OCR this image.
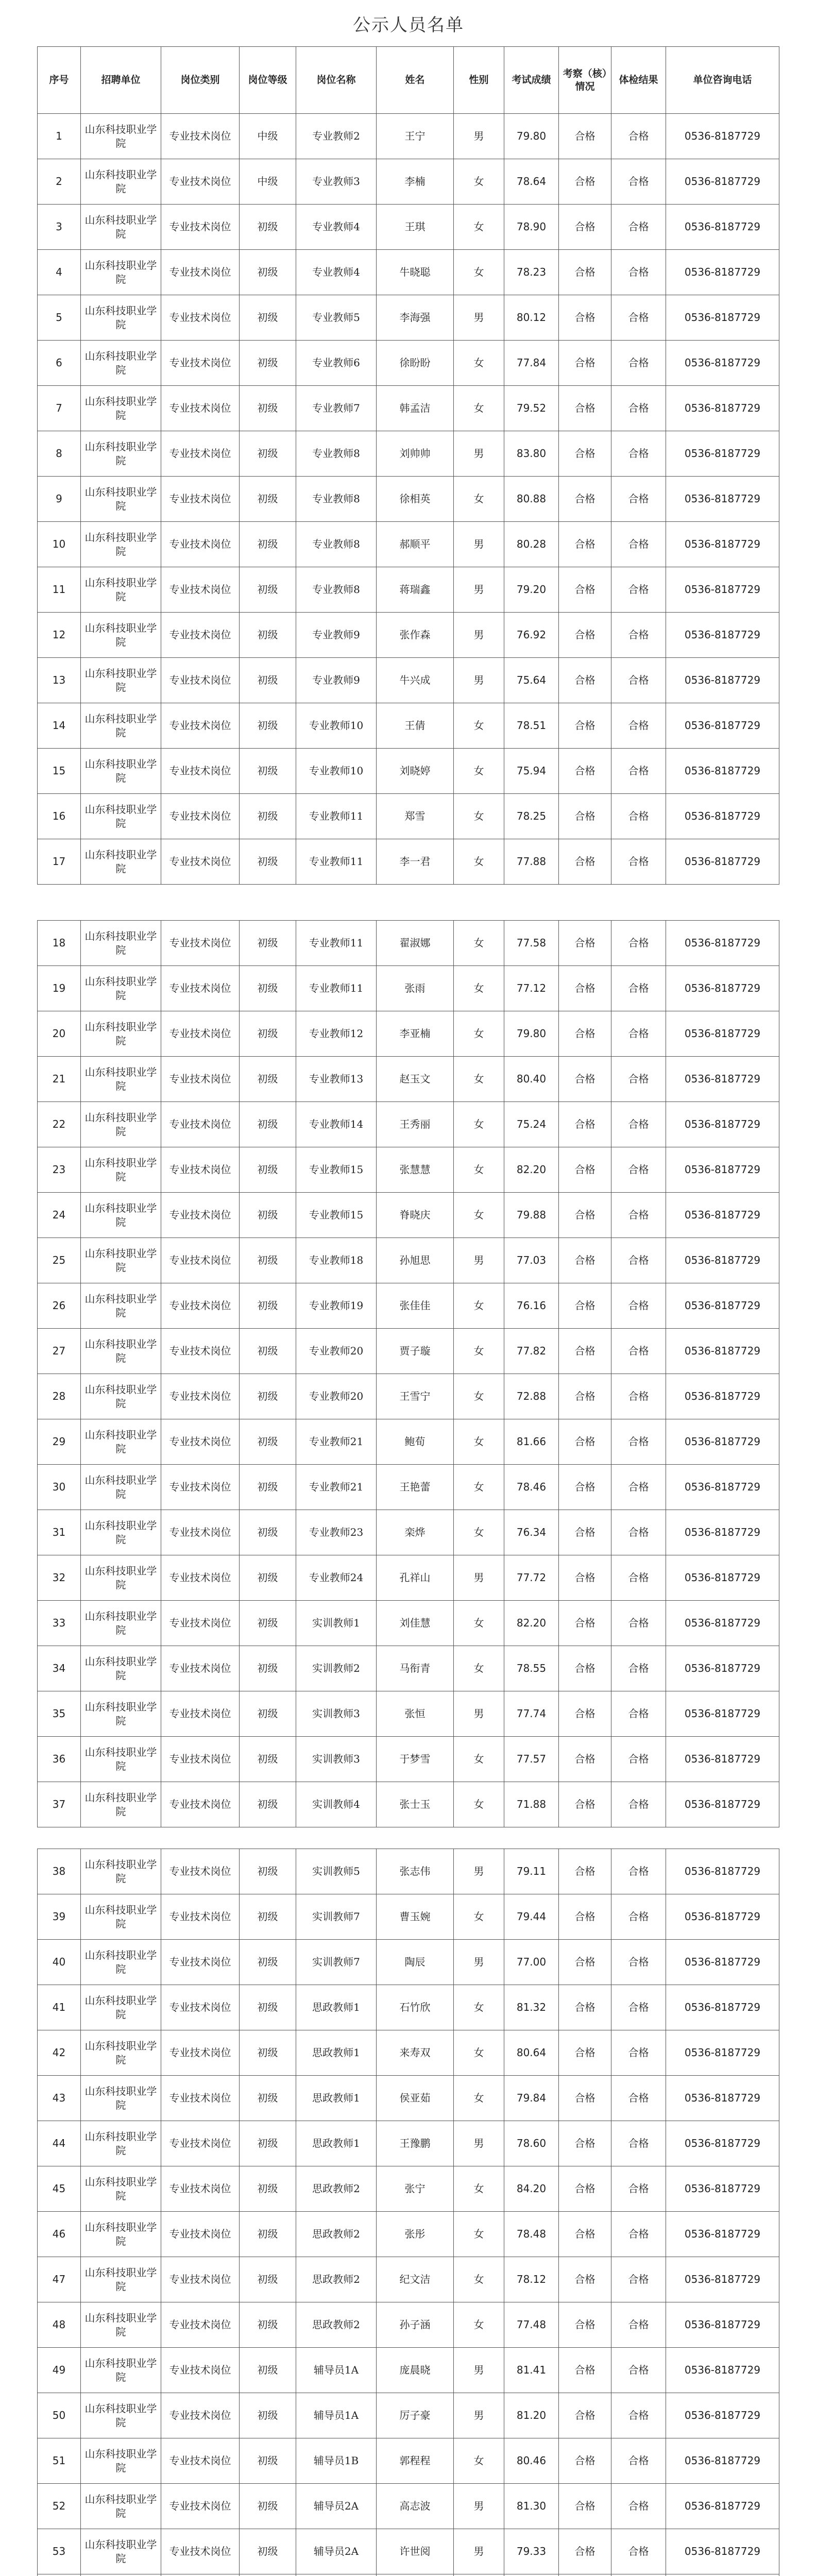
公示人员名单
序号	招聘单位	岗位类别	岗位等级	岗位名称	姓名	性别	考试成绩	考察（核）情况	体检结果	单位咨询电话
1	山东科技职业学院	专业技术岗位	中级	专业教师2	王宁	男	79.80	合格	合格	0536-8187729
2	山东科技职业学院	专业技术岗位	中级	专业教师3	李楠	女	78.64	合格	合格	0536-8187729
3	山东科技职业学院	专业技术岗位	初级	专业教师4	王琪	女	78.90	合格	合格	0536-8187729
4	山东科技职业学院	专业技术岗位	初级	专业教师4	牛晓聪	女	78.23	合格	合格	0536-8187729
5	山东科技职业学院	专业技术岗位	初级	专业教师5	李海强	男	80.12	合格	合格	0536-8187729
6	山东科技职业学院	专业技术岗位	初级	专业教师6	徐盼盼	女	77.84	合格	合格	0536-8187729
7	山东科技职业学院	专业技术岗位	初级	专业教师7	韩孟洁	女	79.52	合格	合格	0536-8187729
8	山东科技职业学院	专业技术岗位	初级	专业教师8	刘帅帅	男	83.80	合格	合格	0536-8187729
9	山东科技职业学院	专业技术岗位	初级	专业教师8	徐相英	女	80.88	合格	合格	0536-8187729
10	山东科技职业学院	专业技术岗位	初级	专业教师8	郝顺平	男	80.28	合格	合格	0536-8187729
11	山东科技职业学院	专业技术岗位	初级	专业教师8	蒋瑞鑫	男	79.20	合格	合格	0536-8187729
12	山东科技职业学院	专业技术岗位	初级	专业教师9	张作森	男	76.92	合格	合格	0536-8187729
13	山东科技职业学院	专业技术岗位	初级	专业教师9	牛兴成	男	75.64	合格	合格	0536-8187729
14	山东科技职业学院	专业技术岗位	初级	专业教师10	王倩	女	78.51	合格	合格	0536-8187729
15	山东科技职业学院	专业技术岗位	初级	专业教师10	刘晓婷	女	75.94	合格	合格	0536-8187729
16	山东科技职业学院	专业技术岗位	初级	专业教师11	郑雪	女	78.25	合格	合格	0536-8187729
17	山东科技职业学院	专业技术岗位	初级	专业教师11	李一君	女	77.88	合格	合格	0536-8187729
18	山东科技职业学院	专业技术岗位	初级	专业教师11	翟淑娜	女	77.58	合格	合格	0536-8187729
19	山东科技职业学院	专业技术岗位	初级	专业教师11	张雨	女	77.12	合格	合格	0536-8187729
20	山东科技职业学院	专业技术岗位	初级	专业教师12	李亚楠	女	79.80	合格	合格	0536-8187729
21	山东科技职业学院	专业技术岗位	初级	专业教师13	赵玉文	女	80.40	合格	合格	0536-8187729
22	山东科技职业学院	专业技术岗位	初级	专业教师14	王秀丽	女	75.24	合格	合格	0536-8187729
23	山东科技职业学院	专业技术岗位	初级	专业教师15	张慧慧	女	82.20	合格	合格	0536-8187729
24	山东科技职业学院	专业技术岗位	初级	专业教师15	脊晓庆	女	79.88	合格	合格	0536-8187729
25	山东科技职业学院	专业技术岗位	初级	专业教师18	孙旭思	男	77.03	合格	合格	0536-8187729
26	山东科技职业学院	专业技术岗位	初级	专业教师19	张佳佳	女	76.16	合格	合格	0536-8187729
27	山东科技职业学院	专业技术岗位	初级	专业教师20	贾子璇	女	77.82	合格	合格	0536-8187729
28	山东科技职业学院	专业技术岗位	初级	专业教师20	王雪宁	女	72.88	合格	合格	0536-8187729
29	山东科技职业学院	专业技术岗位	初级	专业教师21	鲍荀	女	81.66	合格	合格	0536-8187729
30	山东科技职业学院	专业技术岗位	初级	专业教师21	王艳蕾	女	78.46	合格	合格	0536-8187729
31	山东科技职业学院	专业技术岗位	初级	专业教师23	栾烨	女	76.34	合格	合格	0536-8187729
32	山东科技职业学院	专业技术岗位	初级	专业教师24	孔祥山	男	77.72	合格	合格	0536-8187729
33	山东科技职业学院	专业技术岗位	初级	实训教师1	刘佳慧	女	82.20	合格	合格	0536-8187729
34	山东科技职业学院	专业技术岗位	初级	实训教师2	马衔青	女	78.55	合格	合格	0536-8187729
35	山东科技职业学院	专业技术岗位	初级	实训教师3	张恒	男	77.74	合格	合格	0536-8187729
36	山东科技职业学院	专业技术岗位	初级	实训教师3	于梦雪	女	77.57	合格	合格	0536-8187729
37	山东科技职业学院	专业技术岗位	初级	实训教师4	张士玉	女	71.88	合格	合格	0536-8187729
38	山东科技职业学院	专业技术岗位	初级	实训教师5	张志伟	男	79.11	合格	合格	0536-8187729
39	山东科技职业学院	专业技术岗位	初级	实训教师7	曹玉婉	女	79.44	合格	合格	0536-8187729
40	山东科技职业学院	专业技术岗位	初级	实训教师7	陶辰	男	77.00	合格	合格	0536-8187729
41	山东科技职业学院	专业技术岗位	初级	思政教师1	石竹欣	女	81.32	合格	合格	0536-8187729
42	山东科技职业学院	专业技术岗位	初级	思政教师1	来寿双	女	80.64	合格	合格	0536-8187729
43	山东科技职业学院	专业技术岗位	初级	思政教师1	侯亚茹	女	79.84	合格	合格	0536-8187729
44	山东科技职业学院	专业技术岗位	初级	思政教师1	王豫鹏	男	78.60	合格	合格	0536-8187729
45	山东科技职业学院	专业技术岗位	初级	思政教师2	张宁	女	84.20	合格	合格	0536-8187729
46	山东科技职业学院	专业技术岗位	初级	思政教师2	张彤	女	78.48	合格	合格	0536-8187729
47	山东科技职业学院	专业技术岗位	初级	思政教师2	纪文洁	女	78.12	合格	合格	0536-8187729
48	山东科技职业学院	专业技术岗位	初级	思政教师2	孙子涵	女	77.48	合格	合格	0536-8187729
49	山东科技职业学院	专业技术岗位	初级	辅导员1A	庞晨晓	男	81.41	合格	合格	0536-8187729
50	山东科技职业学院	专业技术岗位	初级	辅导员1A	厉子豪	男	81.20	合格	合格	0536-8187729
51	山东科技职业学院	专业技术岗位	初级	辅导员1B	郭程程	女	80.46	合格	合格	0536-8187729
52	山东科技职业学院	专业技术岗位	初级	辅导员2A	高志波	男	81.30	合格	合格	0536-8187729
53	山东科技职业学院	专业技术岗位	初级	辅导员2A	许世阅	男	79.33	合格	合格	0536-8187729
